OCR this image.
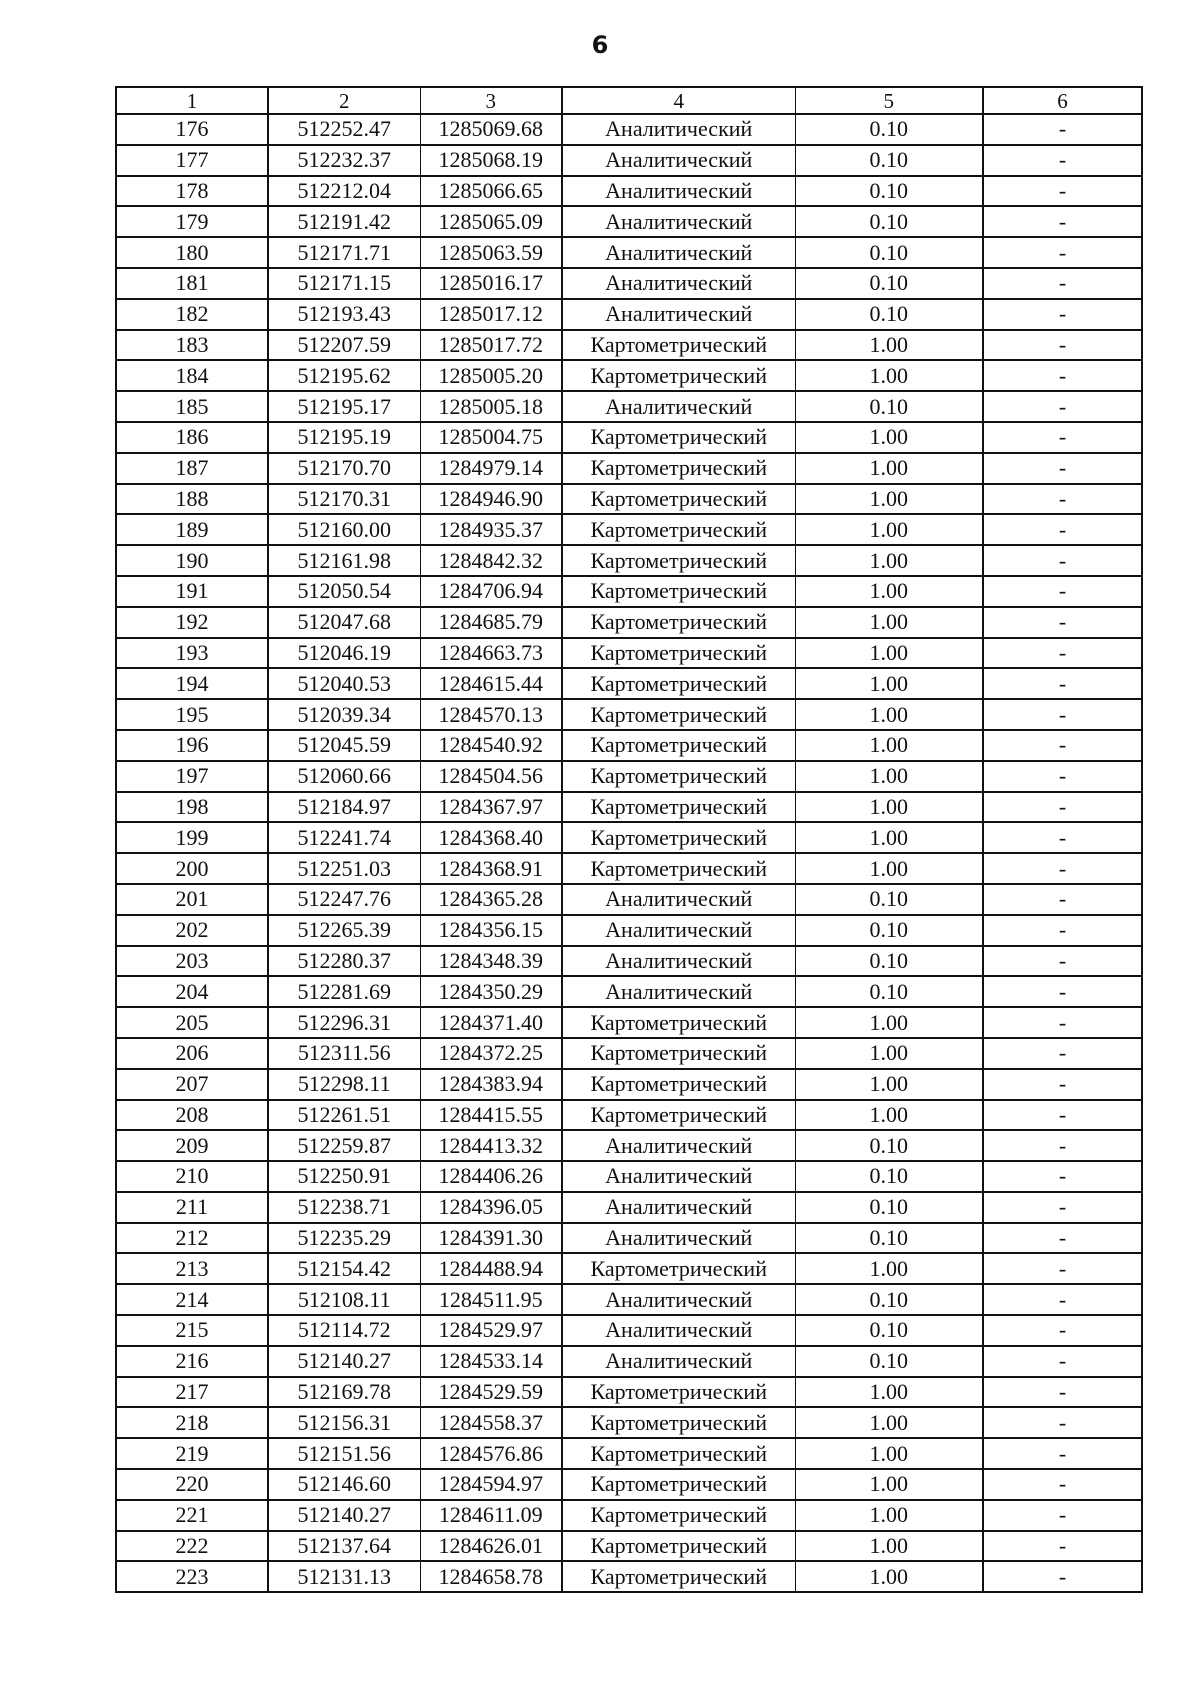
6
1	2	3	4	5	6
176	512252.47	1285069.68	Аналитический	0.10	-
177	512232.37	1285068.19	Аналитический	0.10	-
178	512212.04	1285066.65	Аналитический	0.10	-
179	512191.42	1285065.09	Аналитический	0.10	-
180	512171.71	1285063.59	Аналитический	0.10	-
181	512171.15	1285016.17	Аналитический	0.10	-
182	512193.43	1285017.12	Аналитический	0.10	-
183	512207.59	1285017.72	Картометрический	1.00	-
184	512195.62	1285005.20	Картометрический	1.00	-
185	512195.17	1285005.18	Аналитический	0.10	-
186	512195.19	1285004.75	Картометрический	1.00	-
187	512170.70	1284979.14	Картометрический	1.00	-
188	512170.31	1284946.90	Картометрический	1.00	-
189	512160.00	1284935.37	Картометрический	1.00	-
190	512161.98	1284842.32	Картометрический	1.00	-
191	512050.54	1284706.94	Картометрический	1.00	-
192	512047.68	1284685.79	Картометрический	1.00	-
193	512046.19	1284663.73	Картометрический	1.00	-
194	512040.53	1284615.44	Картометрический	1.00	-
195	512039.34	1284570.13	Картометрический	1.00	-
196	512045.59	1284540.92	Картометрический	1.00	-
197	512060.66	1284504.56	Картометрический	1.00	-
198	512184.97	1284367.97	Картометрический	1.00	-
199	512241.74	1284368.40	Картометрический	1.00	-
200	512251.03	1284368.91	Картометрический	1.00	-
201	512247.76	1284365.28	Аналитический	0.10	-
202	512265.39	1284356.15	Аналитический	0.10	-
203	512280.37	1284348.39	Аналитический	0.10	-
204	512281.69	1284350.29	Аналитический	0.10	-
205	512296.31	1284371.40	Картометрический	1.00	-
206	512311.56	1284372.25	Картометрический	1.00	-
207	512298.11	1284383.94	Картометрический	1.00	-
208	512261.51	1284415.55	Картометрический	1.00	-
209	512259.87	1284413.32	Аналитический	0.10	-
210	512250.91	1284406.26	Аналитический	0.10	-
211	512238.71	1284396.05	Аналитический	0.10	-
212	512235.29	1284391.30	Аналитический	0.10	-
213	512154.42	1284488.94	Картометрический	1.00	-
214	512108.11	1284511.95	Аналитический	0.10	-
215	512114.72	1284529.97	Аналитический	0.10	-
216	512140.27	1284533.14	Аналитический	0.10	-
217	512169.78	1284529.59	Картометрический	1.00	-
218	512156.31	1284558.37	Картометрический	1.00	-
219	512151.56	1284576.86	Картометрический	1.00	-
220	512146.60	1284594.97	Картометрический	1.00	-
221	512140.27	1284611.09	Картометрический	1.00	-
222	512137.64	1284626.01	Картометрический	1.00	-
223	512131.13	1284658.78	Картометрический	1.00	-
